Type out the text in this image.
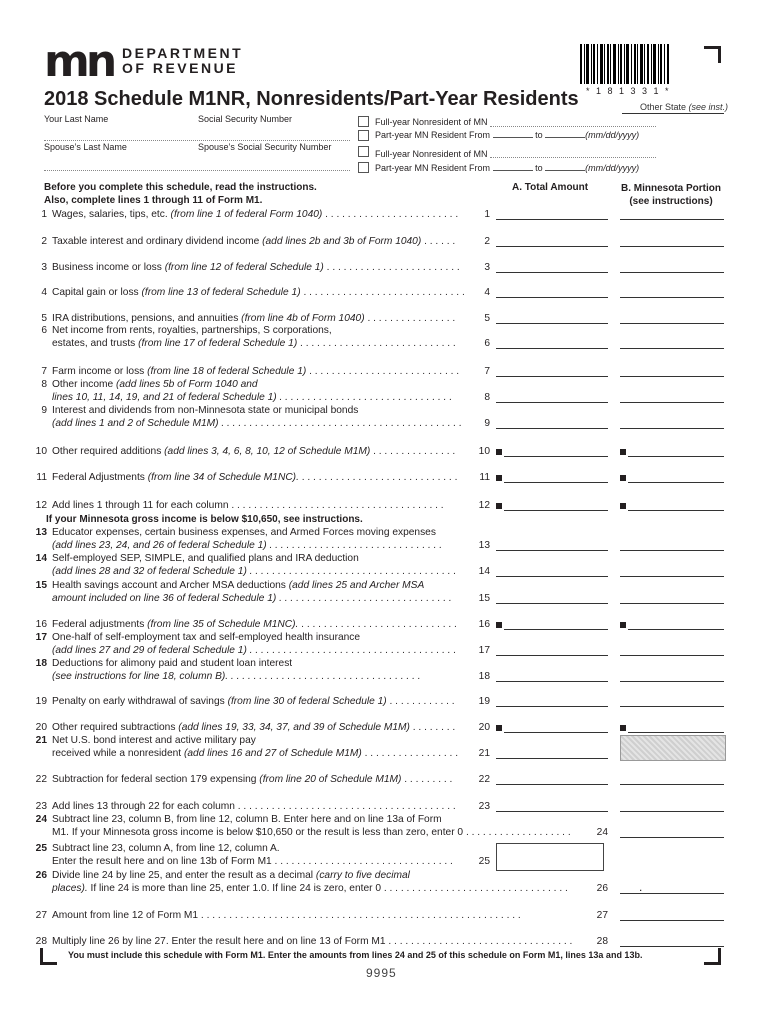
mn DEPARTMENT
OF REVENUE
* 1 8 1 3 3 1 *
2018 Schedule M1NR, Nonresidents/Part-Year Residents	Other State (see inst.)
Your Last Name	Social Security Number
Spouse’s Last Name	Spouse’s Social Security Number
Full-year Nonresident of MN
Part-year MN Resident From	to	(mm/dd/yyyy)
Full-year Nonresident of MN
Part-year MN Resident From	to	(mm/dd/yyyy)
Before you complete this schedule, read the instructions.
Also, complete lines 1 through 11 of Form M1.
A. Total Amount	B. Minnesota Portion
(see instructions)
1 Wages, salaries, tips, etc. (from line 1 of federal Form 1040) . . . . . . . . . . . . . . . . . . . . . . . .	1
2 Taxable interest and ordinary dividend income (add lines 2b and 3b of Form 1040) . . . . . .	2
3 Business income or loss (from line 12 of federal Schedule 1) . . . . . . . . . . . . . . . . . . . . . . . .	3
4 Capital gain or loss (from line 13 of federal Schedule 1) . . . . . . . . . . . . . . . . . . . . . . . . . . . . .	4
5 IRA distributions, pensions, and annuities (from line 4b of Form 1040) . . . . . . . . . . . . . . . .	5
6 Net income from rents, royalties, partnerships, S corporations,
estates, and trusts (from line 17 of federal Schedule 1) . . . . . . . . . . . . . . . . . . . . . . . . . . . .	6
7 Farm income or loss (from line 18 of federal Schedule 1) . . . . . . . . . . . . . . . . . . . . . . . . . . .	7
8 Other income (add lines 5b of Form 1040 and
lines 10, 11, 14, 19, and 21 of federal Schedule 1) . . . . . . . . . . . . . . . . . . . . . . . . . . . . . . .	8
9 Interest and dividends from non-Minnesota state or municipal bonds
(add lines 1 and 2 of Schedule M1M) . . . . . . . . . . . . . . . . . . . . . . . . . . . . . . . . . . . . . . . . . . .	9
10 Other required additions (add lines 3, 4, 6, 8, 10, 12 of Schedule M1M) . . . . . . . . . . . . . . .	10
11 Federal Adjustments (from line 34 of Schedule M1NC). . . . . . . . . . . . . . . . . . . . . . . . . . . . .	11
12 Add lines 1 through 11 for each column . . . . . . . . . . . . . . . . . . . . . . . . . . . . . . . . . . . . . .	12
If your Minnesota gross income is below $10,650, see instructions.
13 Educator expenses, certain business expenses, and Armed Forces moving expenses
(add lines 23, 24, and 26 of federal Schedule 1) . . . . . . . . . . . . . . . . . . . . . . . . . . . . . . .	13
14 Self-employed SEP, SIMPLE, and qualified plans and IRA deduction
(add lines 28 and 32 of federal Schedule 1) . . . . . . . . . . . . . . . . . . . . . . . . . . . . . . . . . . . . .	14
15 Health savings account and Archer MSA deductions (add lines 25 and Archer MSA
amount included on line 36 of federal Schedule 1) . . . . . . . . . . . . . . . . . . . . . . . . . . . . . . .	15
16 Federal adjustments (from line 35 of Schedule M1NC). . . . . . . . . . . . . . . . . . . . . . . . . . . . .	16
17 One-half of self-employment tax and self-employed health insurance
(add lines 27 and 29 of federal Schedule 1) . . . . . . . . . . . . . . . . . . . . . . . . . . . . . . . . . . . . .	17
18 Deductions for alimony paid and student loan interest
(see instructions for line 18, column B). . . . . . . . . . . . . . . . . . . . . . . . . . . . . . . . . . .	18
19 Penalty on early withdrawal of savings (from line 30 of federal Schedule 1) . . . . . . . . . . . .	19
20 Other required subtractions (add lines 19, 33, 34, 37, and 39 of Schedule M1M) . . . . . . . .	20
21 Net U.S. bond interest and active military pay
received while a nonresident (add lines 16 and 27 of Schedule M1M) . . . . . . . . . . . . . . . . .	21
22 Subtraction for federal section 179 expensing (from line 20 of Schedule M1M) . . . . . . . . .	22
23 Add lines 13 through 22 for each column . . . . . . . . . . . . . . . . . . . . . . . . . . . . . . . . . . . . . . .	23
24 Subtract line 23, column B, from line 12, column B. Enter here and on line 13a of Form
M1. If your Minnesota gross income is below $10,650 or the result is less than zero, enter 0 . . . . . . . . . . . . . . . . . . .	24
25 Subtract line 23, column A, from line 12, column A.
Enter the result here and on line 13b of Form M1 . . . . . . . . . . . . . . . . . . . . . . . . . . . . . . . .	25
26 Divide line 24 by line 25, and enter the result as a decimal (carry to five decimal
places). If line 24 is more than line 25, enter 1.0. If line 24 is zero, enter 0 . . . . . . . . . . . . . . . . . . . . . . . . . . . . . . . . .	26	.
27 Amount from line 12 of Form M1 . . . . . . . . . . . . . . . . . . . . . . . . . . . . . . . . . . . . . . . . . . . . . . . . . . . . . . . . .	27
28 Multiply line 26 by line 27. Enter the result here and on line 13 of Form M1 . . . . . . . . . . . . . . . . . . . . . . . . . . . . . . . . .	28
You must include this schedule with Form M1. Enter the amounts from lines 24 and 25 of this schedule on Form M1, lines 13a and 13b.
9995
